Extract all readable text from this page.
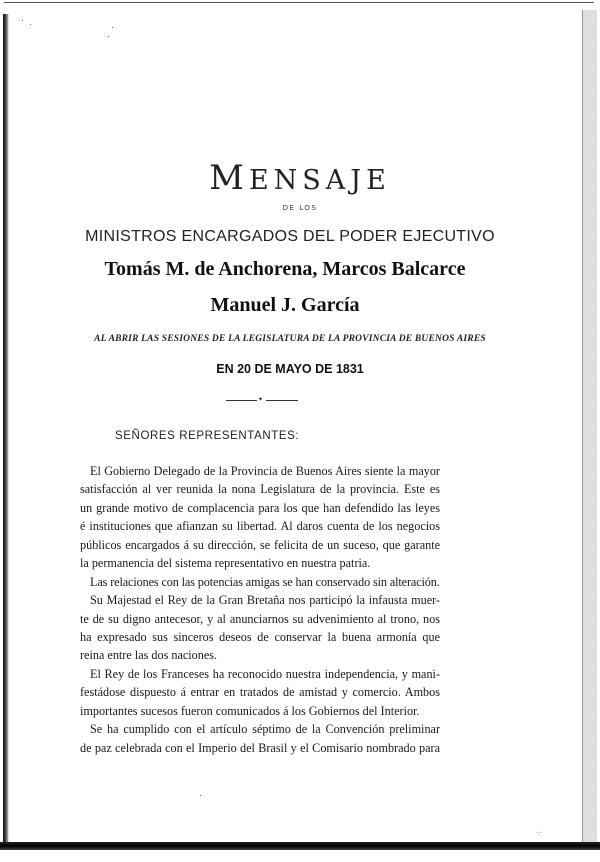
MENSAJE
DE LOS
MINISTROS ENCARGADOS DEL PODER EJECUTIVO
Tomás M. de Anchorena, Marcos Balcarce
Manuel J. García
AL ABRIR LAS SESIONES DE LA LEGISLATURA DE LA PROVINCIA DE BUENOS AIRES
EN 20 DE MAYO DE 1831
✦
SEÑORES REPRESENTANTES:
El Gobierno Delegado de la Provincia de Buenos Aires siente la mayor
satisfacción al ver reunida la nona Legislatura de la provincia. Este es
un grande motivo de complacencia para los que han defendido las leyes
é instituciones que afianzan su libertad. Al daros cuenta de los negocios
públicos encargados á su dirección, se felicita de un suceso, que garante
la permanencia del sistema representativo en nuestra patria.
Las relaciones con las potencias amigas se han conservado sin alteración.
Su Majestad el Rey de la Gran Bretaña nos participó la infausta muer-
te de su digno antecesor, y al anunciarnos su advenimiento al trono, nos
ha expresado sus sinceros deseos de conservar la buena armonía que
reina entre las dos naciones.
El Rey de los Franceses ha reconocido nuestra independencia, y mani-
festádose dispuesto á entrar en tratados de amistad y comercio. Ambos
importantes sucesos fueron comunicados á los Gobiernos del Interior.
Se ha cumplido con el artículo séptimo de la Convención preliminar
de paz celebrada con el Imperio del Brasil y el Comisario nombrado para
·:·
